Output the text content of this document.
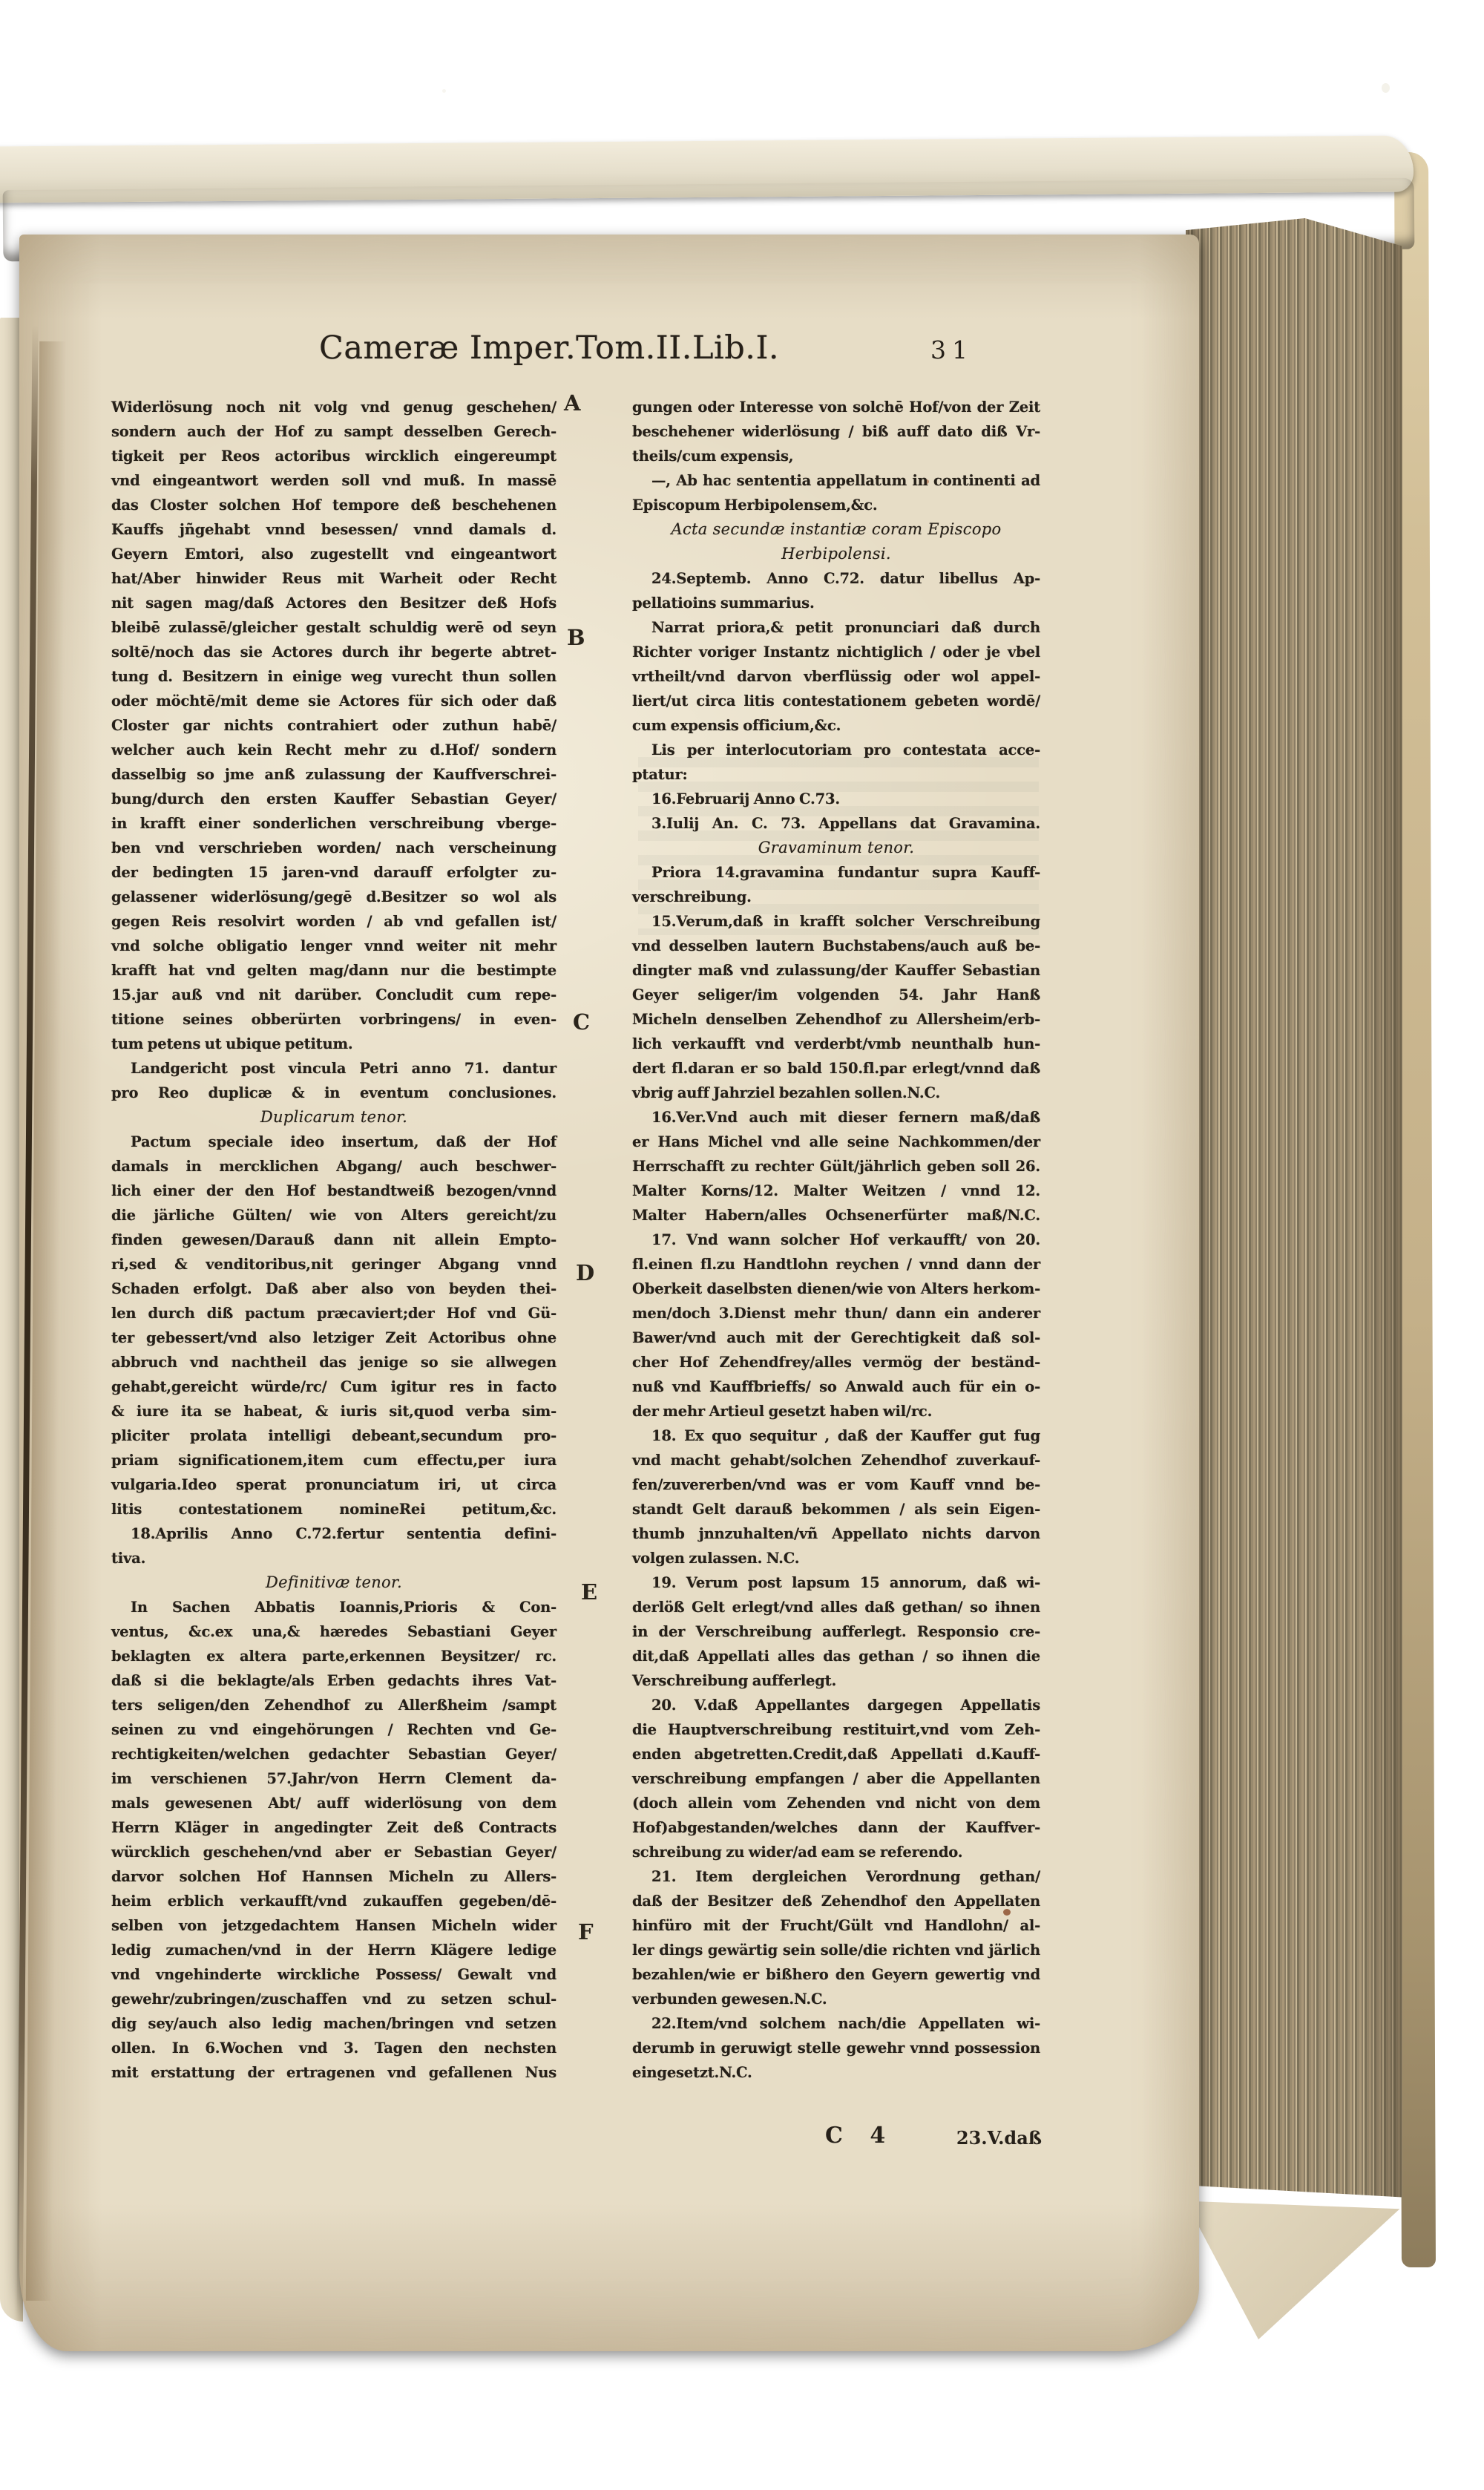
Cameræ Imper.Tom.II.Lib.I.	31
Widerlösung noch nit volg vnd genug geschehen/
sondern auch der Hof zu sampt desselben Gerech-
tigkeit per Reos actoribus wircklich eingereumpt
vnd eingeantwort werden soll vnd muß. In massē
das Closter solchen Hof tempore deß beschehenen
Kauffs jñgehabt vnnd besessen/ vnnd damals d.
Geyern Emtori, also zugestellt vnd eingeantwort
hat/Aber hinwider Reus mit Warheit oder Recht
nit sagen mag/daß Actores den Besitzer deß Hofs
bleibē zulassē/gleicher gestalt schuldig werē od seyn
soltē/noch das sie Actores durch ihr begerte abtret-
tung d. Besitzern in einige weg vurecht thun sollen
oder möchtē/mit deme sie Actores für sich oder daß
Closter gar nichts contrahiert oder zuthun habē/
welcher auch kein Recht mehr zu d.Hof/ sondern
dasselbig so jme anß zulassung der Kauffverschrei-
bung/durch den ersten Kauffer Sebastian Geyer/
in krafft einer sonderlichen verschreibung vberge-
ben vnd verschrieben worden/ nach verscheinung
der bedingten 15 jaren-vnd darauff erfolgter zu-
gelassener widerlösung/gegē d.Besitzer so wol als
gegen Reis resolvirt worden / ab vnd gefallen ist/
vnd solche obligatio lenger vnnd weiter nit mehr
krafft hat vnd gelten mag/dann nur die bestimpte
15.jar auß vnd nit darüber. Concludit cum repe-
titione seines obberürten vorbringens/ in even-
tum petens ut ubique petitum.
Landgericht post vincula Petri anno 71. dantur
pro Reo duplicæ & in eventum conclusiones.
Duplicarum tenor.
Pactum speciale ideo insertum, daß der Hof
damals in mercklichen Abgang/ auch beschwer-
lich einer der den Hof bestandtweiß bezogen/vnnd
die järliche Gülten/ wie von Alters gereicht/zu
finden gewesen/Darauß dann nit allein Empto-
ri,sed & venditoribus,nit geringer Abgang vnnd
Schaden erfolgt. Daß aber also von beyden thei-
len durch diß pactum præcaviert;der Hof vnd Gü-
ter gebessert/vnd also letziger Zeit Actoribus ohne
abbruch vnd nachtheil das jenige so sie allwegen
gehabt,gereicht würde/rc/ Cum igitur res in facto
& iure ita se habeat, & iuris sit,quod verba sim-
pliciter prolata intelligi debeant,secundum pro-
priam significationem,item cum effectu,per iura
vulgaria.Ideo sperat pronunciatum iri, ut circa
litis contestationem nomineRei petitum,&c.
18.Aprilis Anno C.72.fertur sententia defini-
tiva.
Definitivæ tenor.
In Sachen Abbatis Ioannis,Prioris & Con-
ventus, &c.ex una,& hæredes Sebastiani Geyer
beklagten ex altera parte,erkennen Beysitzer/ rc.
daß si die beklagte/als Erben gedachts ihres Vat-
ters seligen/den Zehendhof zu Allerßheim /sampt
seinen zu vnd eingehörungen / Rechten vnd Ge-
rechtigkeiten/welchen gedachter Sebastian Geyer/
im verschienen 57.Jahr/von Herrn Clement da-
mals gewesenen Abt/ auff widerlösung von dem
Herrn Kläger in angedingter Zeit deß Contracts
würcklich geschehen/vnd aber er Sebastian Geyer/
darvor solchen Hof Hannsen Micheln zu Allers-
heim erblich verkaufft/vnd zukauffen gegeben/dē-
selben von jetzgedachtem Hansen Micheln wider
ledig zumachen/vnd in der Herrn Klägere ledige
vnd vngehinderte wirckliche Possess/ Gewalt vnd
gewehr/zubringen/zuschaffen vnd zu setzen schul-
dig sey/auch also ledig machen/bringen vnd setzen
ollen. In 6.Wochen vnd 3. Tagen den nechsten
mit erstattung der ertragenen vnd gefallenen Nus
gungen oder Interesse von solchē Hof/von der Zeit
beschehener widerlösung / biß auff dato diß Vr-
theils/cum expensis,
—, Ab hac sententia appellatum in continenti ad
Episcopum Herbipolensem,&c.
Acta secundæ instantiæ coram Episcopo
Herbipolensi.
24.Septemb. Anno C.72. datur libellus Ap-
pellatioins summarius.
Narrat priora,& petit pronunciari daß durch
Richter voriger Instantz nichtiglich / oder je vbel
vrtheilt/vnd darvon vberflüssig oder wol appel-
liert/ut circa litis contestationem gebeten wordē/
cum expensis officium,&c.
Lis per interlocutoriam pro contestata acce-
ptatur:
16.Februarij Anno C.73.
3.Iulij An. C. 73. Appellans dat Gravamina.
Gravaminum tenor.
Priora 14.gravamina fundantur supra Kauff-
verschreibung.
15.Verum,daß in krafft solcher Verschreibung
vnd desselben lautern Buchstabens/auch auß be-
dingter maß vnd zulassung/der Kauffer Sebastian
Geyer seliger/im volgenden 54. Jahr Hanß
Micheln denselben Zehendhof zu Allersheim/erb-
lich verkaufft vnd verderbt/vmb neunthalb hun-
dert fl.daran er so bald 150.fl.par erlegt/vnnd daß
vbrig auff Jahrziel bezahlen sollen.N.C.
16.Ver.Vnd auch mit dieser fernern maß/daß
er Hans Michel vnd alle seine Nachkommen/der
Herrschafft zu rechter Gült/jährlich geben soll 26.
Malter Korns/12. Malter Weitzen / vnnd 12.
Malter Habern/alles Ochsenerfürter maß/N.C.
17. Vnd wann solcher Hof verkaufft/ von 20.
fl.einen fl.zu Handtlohn reychen / vnnd dann der
Oberkeit daselbsten dienen/wie von Alters herkom-
men/doch 3.Dienst mehr thun/ dann ein anderer
Bawer/vnd auch mit der Gerechtigkeit daß sol-
cher Hof Zehendfrey/alles vermög der beständ-
nuß vnd Kauffbrieffs/ so Anwald auch für ein o-
der mehr Artieul gesetzt haben wil/rc.
18. Ex quo sequitur , daß der Kauffer gut fug
vnd macht gehabt/solchen Zehendhof zuverkauf-
fen/zuvererben/vnd was er vom Kauff vnnd be-
standt Gelt darauß bekommen / als sein Eigen-
thumb jnnzuhalten/vñ Appellato nichts darvon
volgen zulassen. N.C.
19. Verum post lapsum 15 annorum, daß wi-
derlöß Gelt erlegt/vnd alles daß gethan/ so ihnen
in der Verschreibung aufferlegt. Responsio cre-
dit,daß Appellati alles das gethan / so ihnen die
Verschreibung aufferlegt.
20. V.daß Appellantes dargegen Appellatis
die Hauptverschreibung restituirt,vnd vom Zeh-
enden abgetretten.Credit,daß Appellati d.Kauff-
verschreibung empfangen / aber die Appellanten
(doch allein vom Zehenden vnd nicht von dem
Hof)abgestanden/welches dann der Kauffver-
schreibung zu wider/ad eam se referendo.
21. Item dergleichen Verordnung gethan/
daß der Besitzer deß Zehendhof den Appellaten
hinfüro mit der Frucht/Gült vnd Handlohn/ al-
ler dings gewärtig sein solle/die richten vnd järlich
bezahlen/wie er bißhero den Geyern gewertig vnd
verbunden gewesen.N.C.
22.Item/vnd solchem nach/die Appellaten wi-
derumb in geruwigt stelle gewehr vnnd possession
eingesetzt.N.C.
A
B
C
D
E
F
C 4	23.V.daß
